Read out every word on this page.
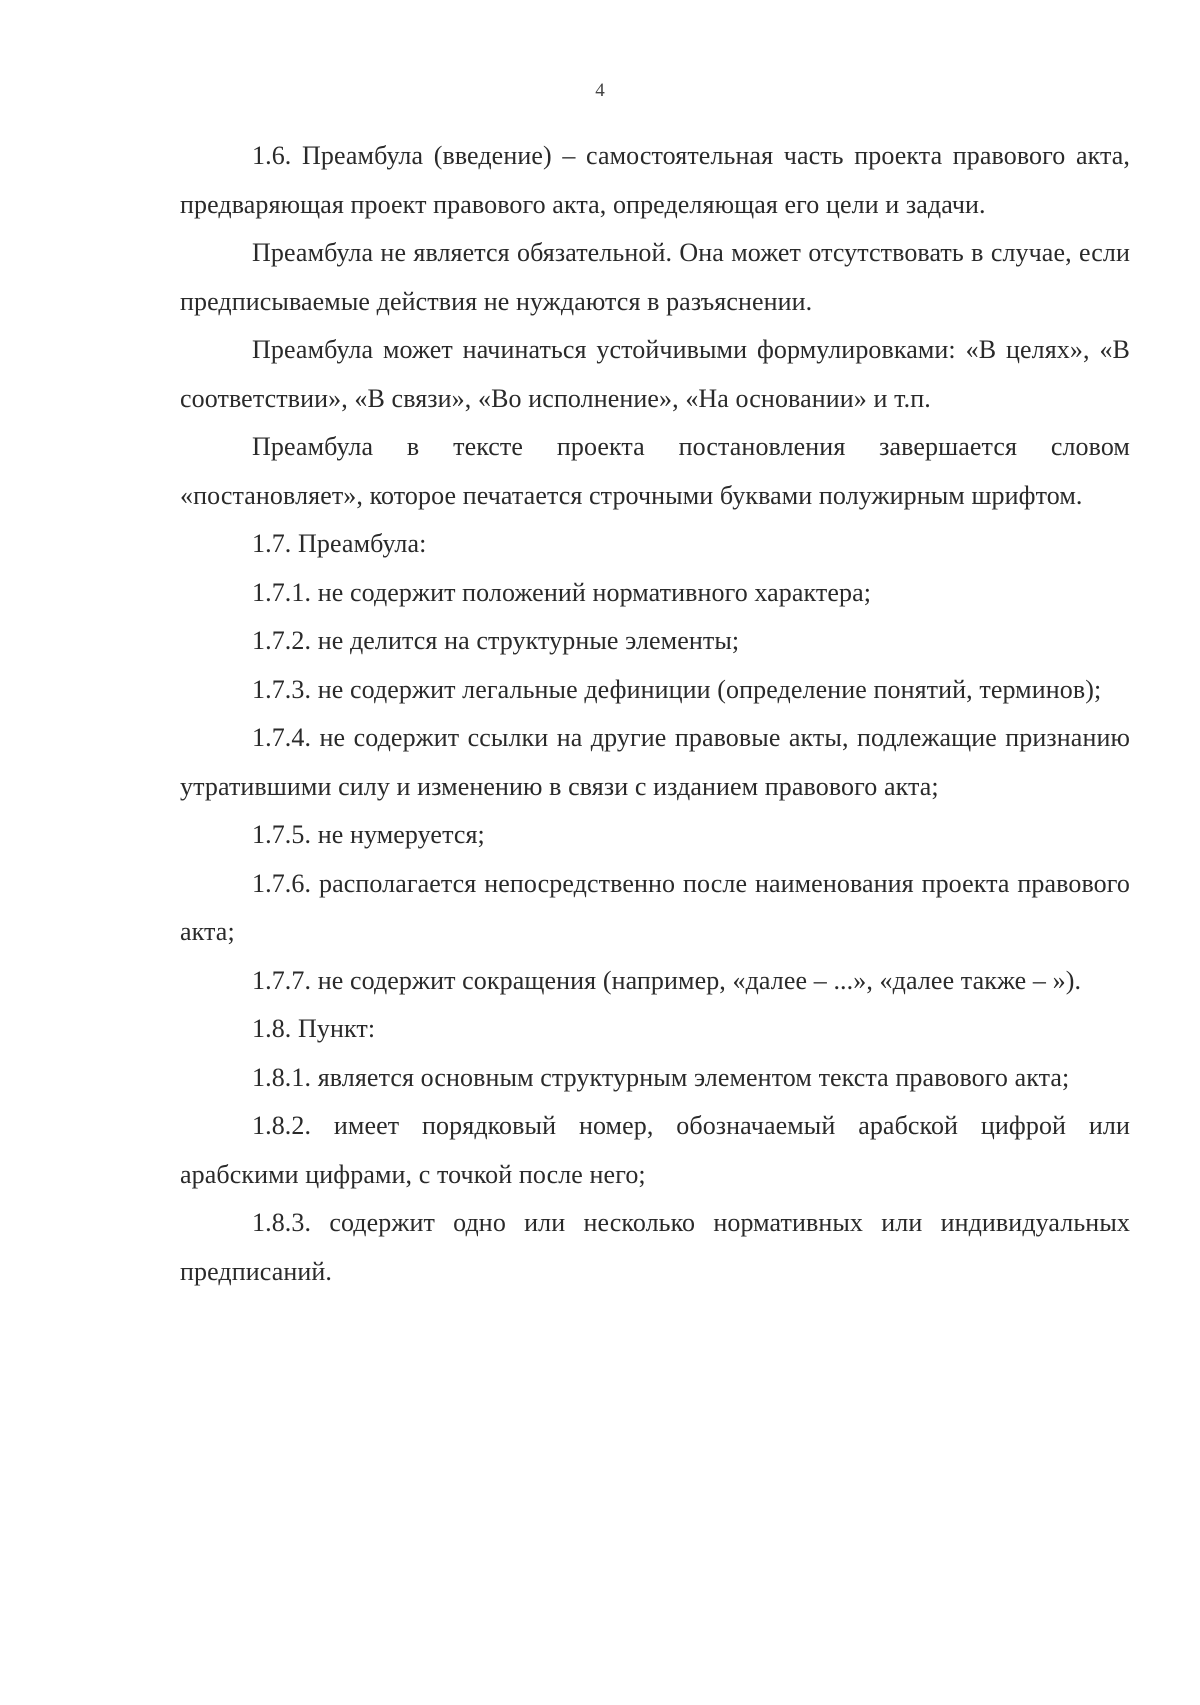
4

1.6. Преамбула (введение) – самостоятельная часть проекта правового акта, предваряющая проект правового акта, определяющая его цели и задачи.

Преамбула не является обязательной. Она может отсутствовать в случае, если предписываемые действия не нуждаются в разъяснении.

Преамбула может начинаться устойчивыми формулировками: «В целях», «В соответствии», «В связи», «Во исполнение», «На основании» и т.п.

Преамбула в тексте проекта постановления завершается словом «постановляет», которое печатается строчными буквами полужирным шрифтом.

1.7. Преамбула:

1.7.1. не содержит положений нормативного характера;

1.7.2. не делится на структурные элементы;

1.7.3. не содержит легальные дефиниции (определение понятий, терминов);

1.7.4. не содержит ссылки на другие правовые акты, подлежащие признанию утратившими силу и изменению в связи с изданием правового акта;

1.7.5. не нумеруется;

1.7.6. располагается непосредственно после наименования проекта правового акта;

1.7.7. не содержит сокращения (например, «далее – ...», «далее также – »).

1.8. Пункт:

1.8.1. является основным структурным элементом текста правового акта;

1.8.2. имеет порядковый номер, обозначаемый арабской цифрой или арабскими цифрами, с точкой после него;

1.8.3. содержит одно или несколько нормативных или индивидуальных предписаний.
